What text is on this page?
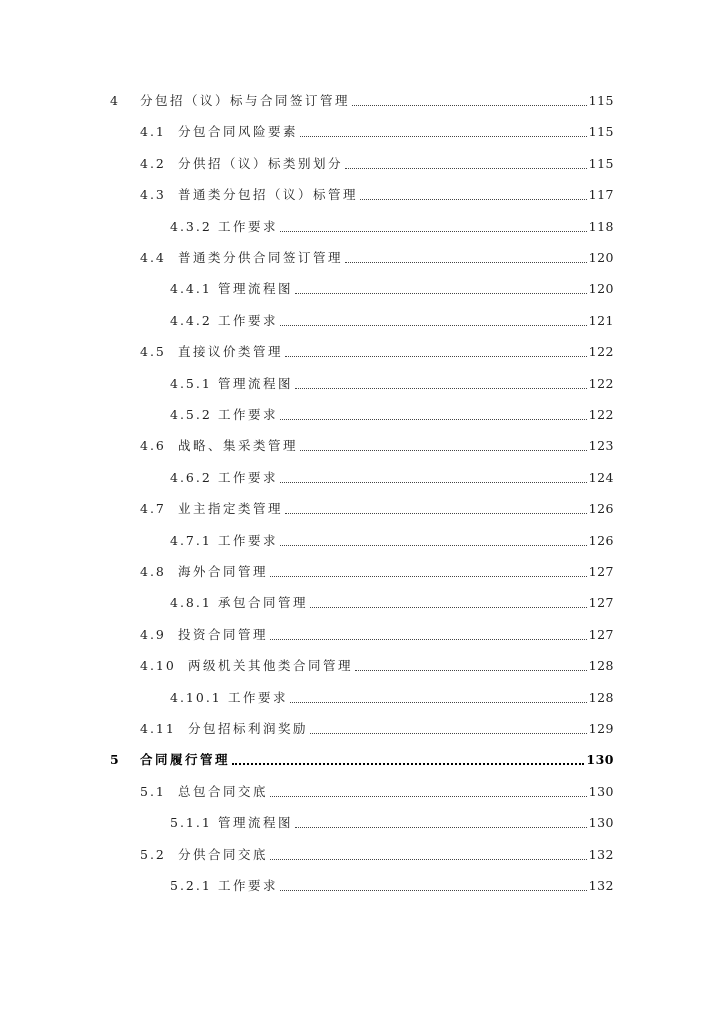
4 分包招（议）标与合同签订管理	115
4.1 分包合同风险要素	115
4.2 分供招（议）标类别划分	115
4.3 普通类分包招（议）标管理	117
4.3.2 工作要求	118
4.4 普通类分供合同签订管理	120
4.4.1 管理流程图	120
4.4.2 工作要求	121
4.5 直接议价类管理	122
4.5.1 管理流程图	122
4.5.2 工作要求	122
4.6 战略、集采类管理	123
4.6.2 工作要求	124
4.7 业主指定类管理	126
4.7.1 工作要求	126
4.8 海外合同管理	127
4.8.1 承包合同管理	127
4.9 投资合同管理	127
4.10 两级机关其他类合同管理	128
4.10.1 工作要求	128
4.11 分包招标利润奖励	129
5 合同履行管理	130
5.1 总包合同交底	130
5.1.1 管理流程图	130
5.2 分供合同交底	132
5.2.1 工作要求	132
